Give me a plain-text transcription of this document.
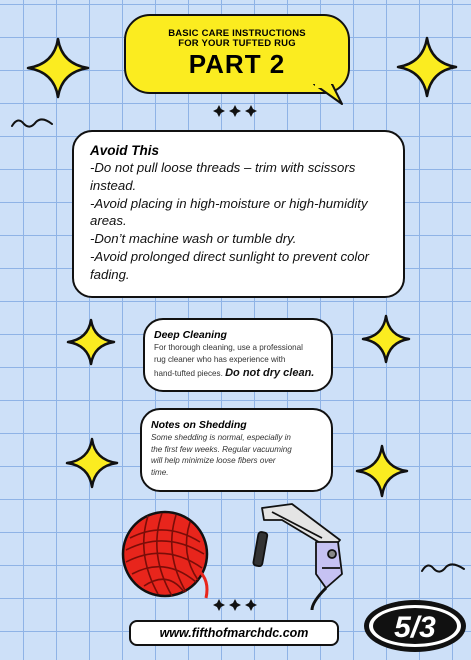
BASIC CARE INSTRUCTIONS
FOR YOUR TUFTED RUG
PART 2
Avoid This
-Do not pull loose threads – trim with scissors
instead.
-Avoid placing in high-moisture or high-humidity
areas.
-Don’t machine wash or tumble dry.
-Avoid prolonged direct sunlight to prevent color
fading.
Deep Cleaning
For thorough cleaning, use a professional
rug cleaner who has experience with
hand-tufted pieces. Do not dry clean.
Notes on Shedding
Some shedding is normal, especially in
the first few weeks. Regular vacuuming
will help minimize loose fibers over
time.
5/3
www.fifthofmarchdc.com
